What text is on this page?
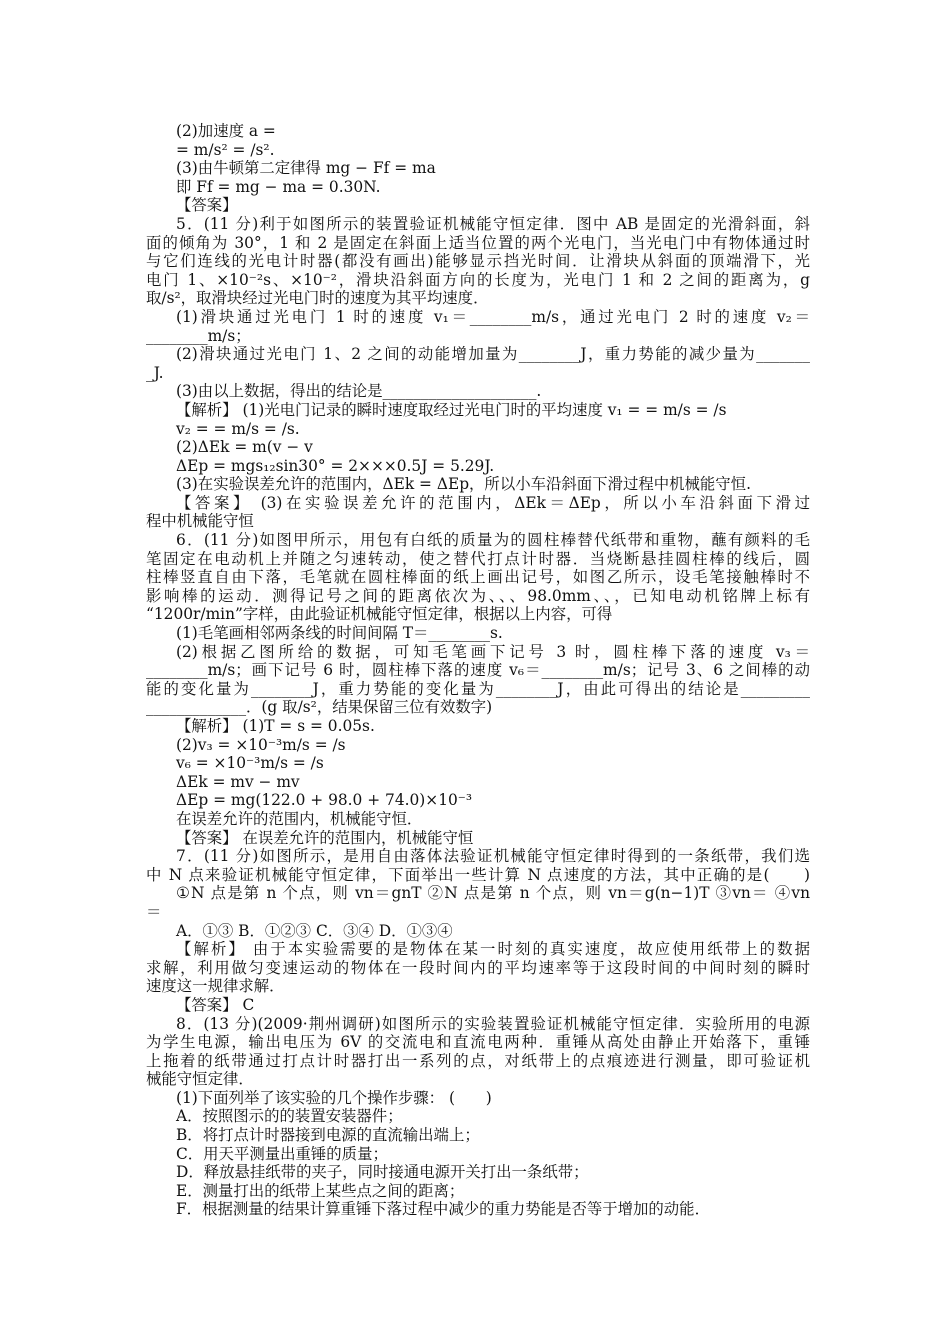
(2)加速度 a =
= m/s² = /s².
(3)由牛顿第二定律得 mg − Ff = ma
即 Ff = mg − ma = 0.30N.
【答案】
5．(11 分)利于如图所示的装置验证机械能守恒定律．图中 AB 是固定的光滑斜面，斜
面的倾角为 30°，1 和 2 是固定在斜面上适当位置的两个光电门，当光电门中有物体通过时
与它们连线的光电计时器(都没有画出)能够显示挡光时间．让滑块从斜面的顶端滑下，光
电门 1、×10⁻²s、×10⁻²，滑块沿斜面方向的长度为，光电门 1 和 2 之间的距离为，g
取/s²，取滑块经过光电门时的速度为其平均速度．
(1)滑块通过光电门 1 时的速度 v₁＝________m/s，通过光电门 2 时的速度 v₂＝
________m/s；
(2)滑块通过光电门 1、2 之间的动能增加量为________J，重力势能的减少量为_______
_J.
(3)由以上数据，得出的结论是____________________.
【解析】 (1)光电门记录的瞬时速度取经过光电门时的平均速度 v₁ = = m/s = /s
v₂ = = m/s = /s.
(2)ΔEk = m(v − v
ΔEp = mgs₁₂sin30° = 2×××0.5J = 5.29J.
(3)在实验误差允许的范围内，ΔEk = ΔEp，所以小车沿斜面下滑过程中机械能守恒.
【答案】 (3)在实验误差允许的范围内，ΔEk＝ΔEp，所以小车沿斜面下滑过
程中机械能守恒
6．(11 分)如图甲所示，用包有白纸的质量为的圆柱棒替代纸带和重物，蘸有颜料的毛
笔固定在电动机上并随之匀速转动，使之替代打点计时器．当烧断悬挂圆柱棒的线后，圆
柱棒竖直自由下落，毛笔就在圆柱棒面的纸上画出记号，如图乙所示，设毛笔接触棒时不
影响棒的运动．测得记号之间的距离依次为、、、98.0mm、、，已知电动机铭牌上标有
“1200r/min”字样，由此验证机械能守恒定律，根据以上内容，可得
(1)毛笔画相邻两条线的时间间隔 T＝________s.
(2)根据乙图所给的数据，可知毛笔画下记号 3 时，圆柱棒下落的速度 v₃＝
________m/s；画下记号 6 时，圆柱棒下落的速度 v₆＝________m/s；记号 3、6 之间棒的动
能的变化量为________J，重力势能的变化量为________J，由此可得出的结论是_________
_____________．(g 取/s²，结果保留三位有效数字)
【解析】 (1)T = s = 0.05s.
(2)v₃ = ×10⁻³m/s = /s
v₆ = ×10⁻³m/s = /s
ΔEk = mv − mv
ΔEp = mg(122.0 + 98.0 + 74.0)×10⁻³
在误差允许的范围内，机械能守恒．
【答案】 在误差允许的范围内，机械能守恒
7．(11 分)如图所示，是用自由落体法验证机械能守恒定律时得到的一条纸带，我们选
中 N 点来验证机械能守恒定律，下面举出一些计算 N 点速度的方法，其中正确的是(　　)
①N 点是第 n 个点，则 vn＝gnT ②N 点是第 n 个点，则 vn＝g(n−1)T ③vn＝ ④vn
＝
A．①③ B．①②③ C．③④ D．①③④
【解析】 由于本实验需要的是物体在某一时刻的真实速度，故应使用纸带上的数据
求解，利用做匀变速运动的物体在一段时间内的平均速率等于这段时间的中间时刻的瞬时
速度这一规律求解．
【答案】 C
8．(13 分)(2009·荆州调研)如图所示的实验装置验证机械能守恒定律．实验所用的电源
为学生电源，输出电压为 6V 的交流电和直流电两种．重锤从高处由静止开始落下，重锤
上拖着的纸带通过打点计时器打出一系列的点，对纸带上的点痕迹进行测量，即可验证机
械能守恒定律．
(1)下面列举了该实验的几个操作步骤： (　　)
A．按照图示的的装置安装器件；
B．将打点计时器接到电源的直流输出端上；
C．用天平测量出重锤的质量；
D．释放悬挂纸带的夹子，同时接通电源开关打出一条纸带；
E．测量打出的纸带上某些点之间的距离；
F．根据测量的结果计算重锤下落过程中减少的重力势能是否等于增加的动能．
